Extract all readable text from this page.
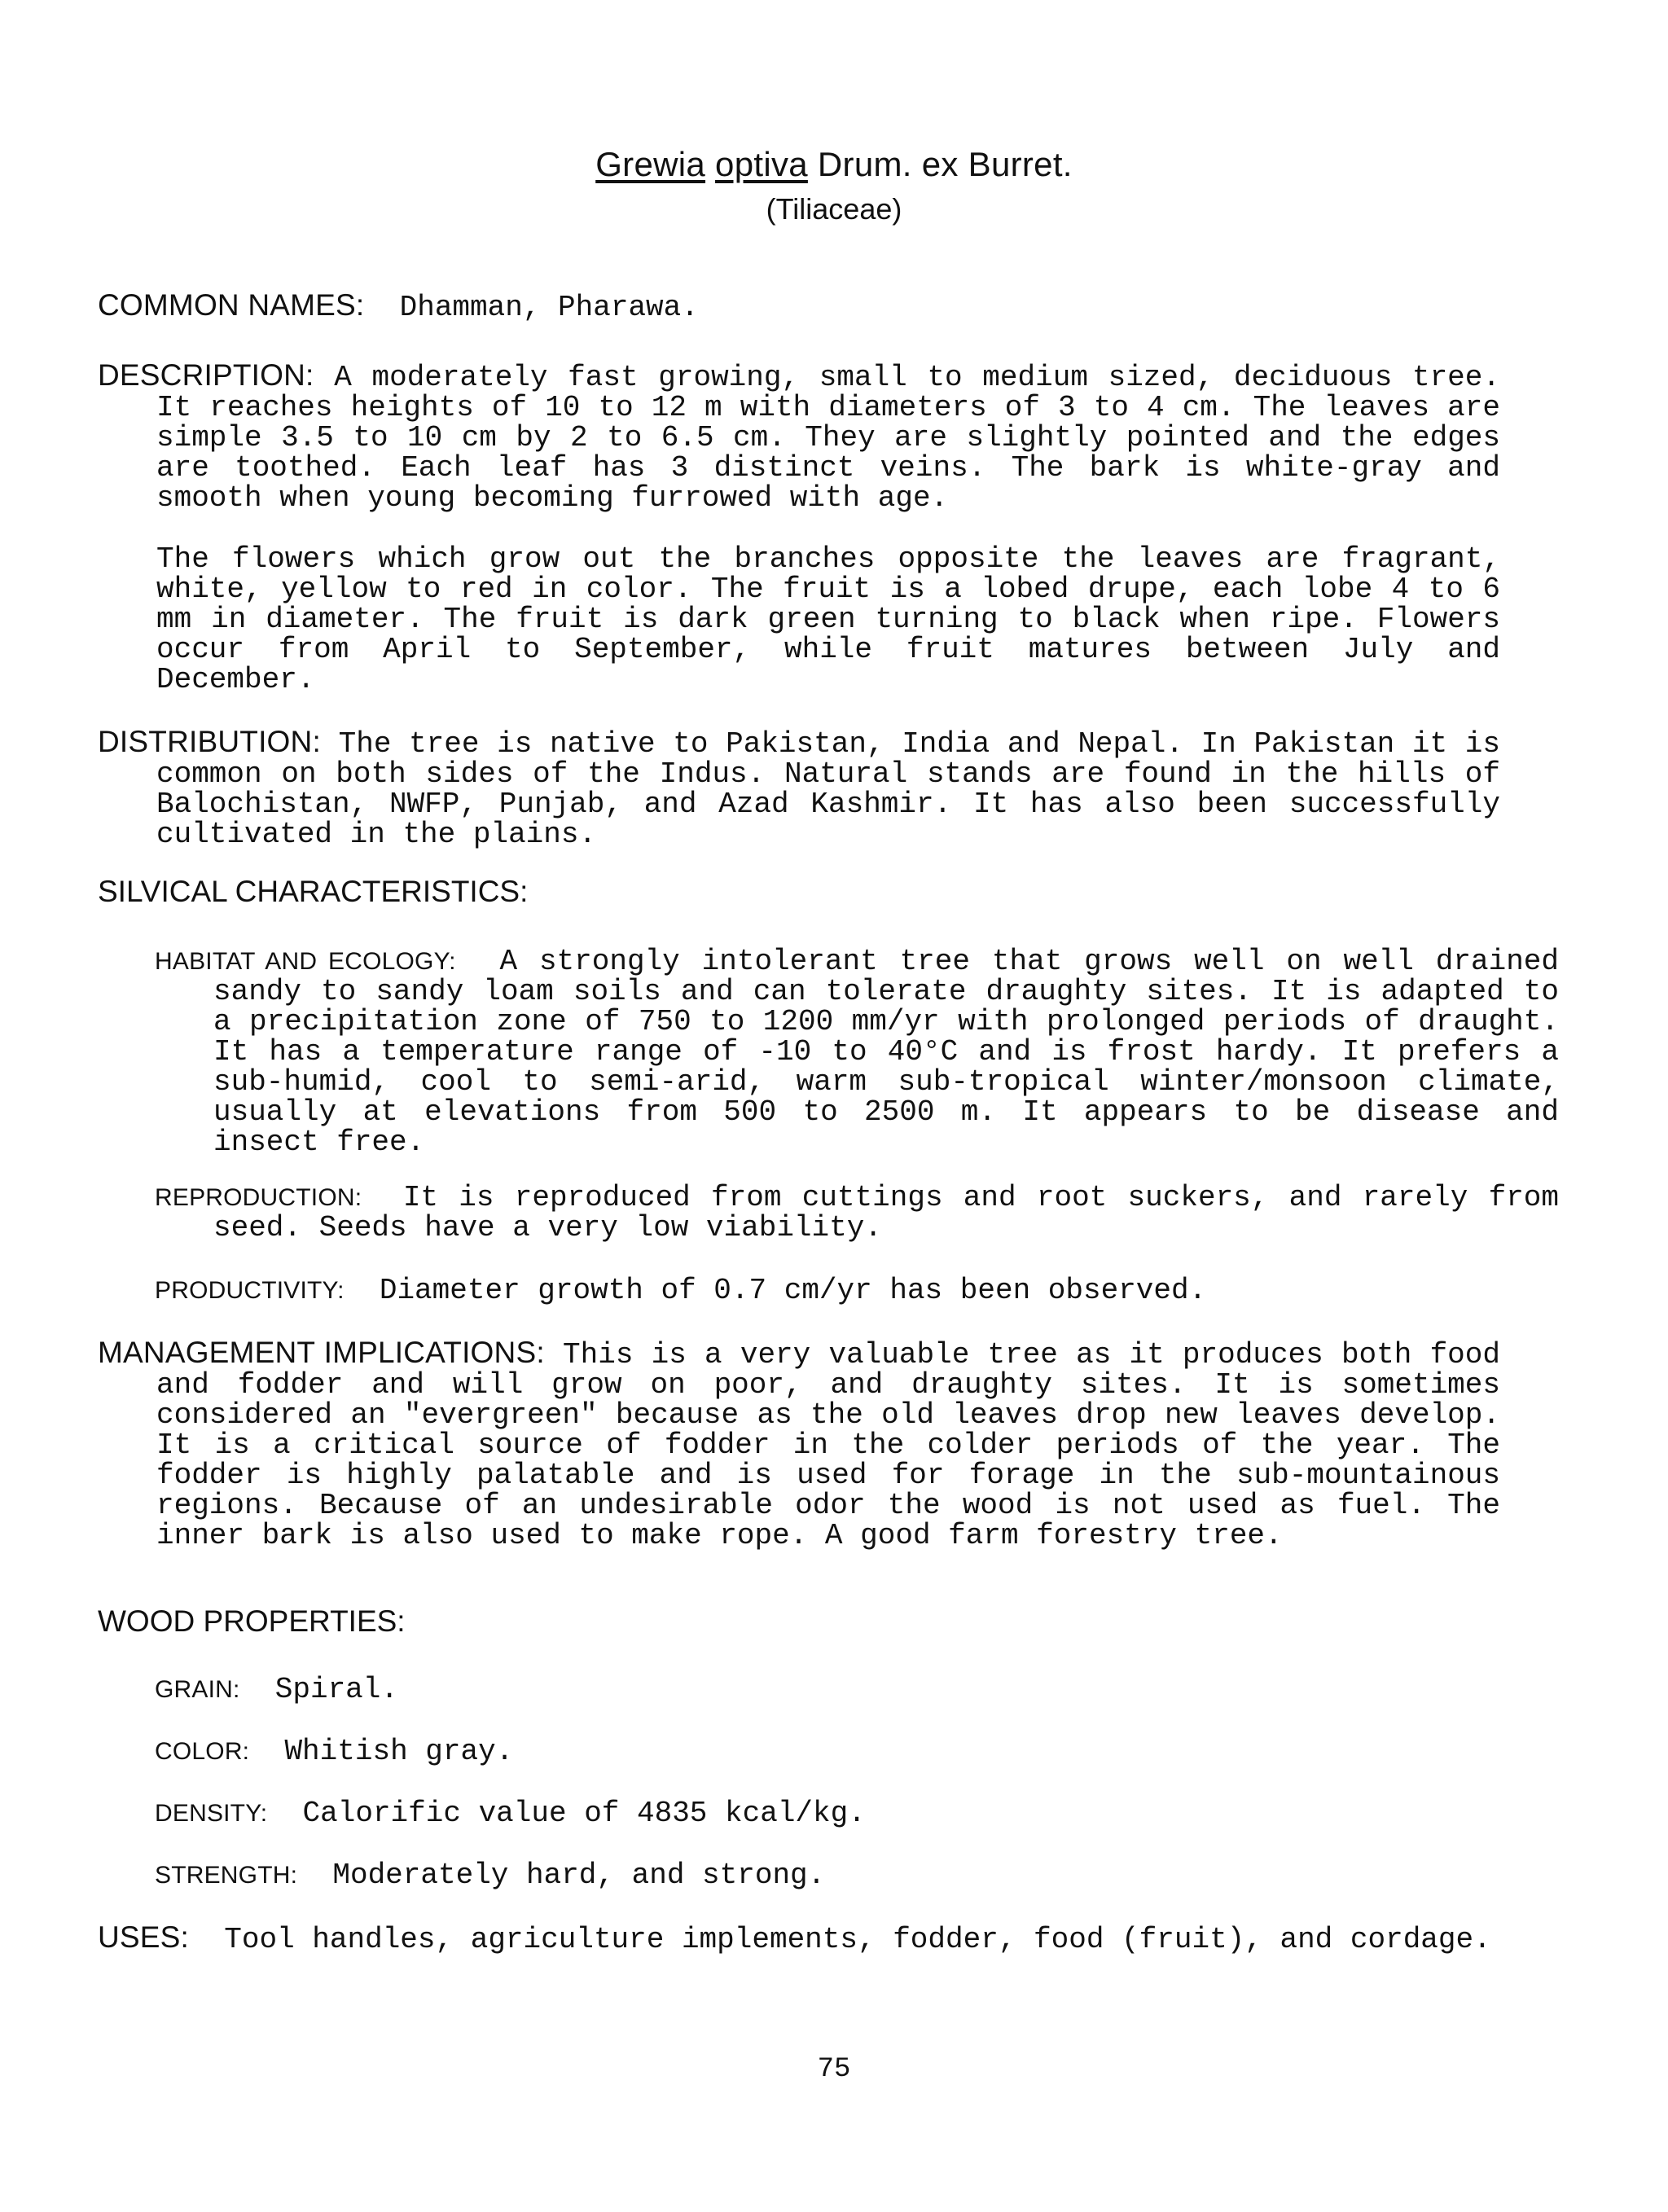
Grewia optiva Drum. ex Burret.
(Tiliaceae)
COMMON NAMES: Dhamman, Pharawa.
DESCRIPTION: A moderately fast growing, small to medium sized, deciduous tree. It reaches heights of 10 to 12 m with diameters of 3 to 4 cm. The leaves are simple 3.5 to 10 cm by 2 to 6.5 cm. They are slightly pointed and the edges are toothed. Each leaf has 3 distinct veins. The bark is white-gray and smooth when young becoming furrowed with age.
The flowers which grow out the branches opposite the leaves are fragrant, white, yellow to red in color. The fruit is a lobed drupe, each lobe 4 to 6 mm in diameter. The fruit is dark green turning to black when ripe. Flowers occur from April to September, while fruit matures between July and December.
DISTRIBUTION: The tree is native to Pakistan, India and Nepal. In Pakistan it is common on both sides of the Indus. Natural stands are found in the hills of Balochistan, NWFP, Punjab, and Azad Kashmir. It has also been successfully cultivated in the plains.
SILVICAL CHARACTERISTICS:
HABITAT AND ECOLOGY: A strongly intolerant tree that grows well on well drained sandy to sandy loam soils and can tolerate draughty sites. It is adapted to a precipitation zone of 750 to 1200 mm/yr with prolonged periods of draught. It has a temperature range of -10 to 40°C and is frost hardy. It prefers a sub-humid, cool to semi-arid, warm sub-tropical winter/monsoon climate, usually at elevations from 500 to 2500 m. It appears to be disease and insect free.
REPRODUCTION: It is reproduced from cuttings and root suckers, and rarely from seed. Seeds have a very low viability.
PRODUCTIVITY: Diameter growth of 0.7 cm/yr has been observed.
MANAGEMENT IMPLICATIONS: This is a very valuable tree as it produces both food and fodder and will grow on poor, and draughty sites. It is sometimes considered an "evergreen" because as the old leaves drop new leaves develop. It is a critical source of fodder in the colder periods of the year. The fodder is highly palatable and is used for forage in the sub-mountainous regions. Because of an undesirable odor the wood is not used as fuel. The inner bark is also used to make rope. A good farm forestry tree.
WOOD PROPERTIES:
GRAIN: Spiral.
COLOR: Whitish gray.
DENSITY: Calorific value of 4835 kcal/kg.
STRENGTH: Moderately hard, and strong.
USES: Tool handles, agriculture implements, fodder, food (fruit), and cordage.
75
